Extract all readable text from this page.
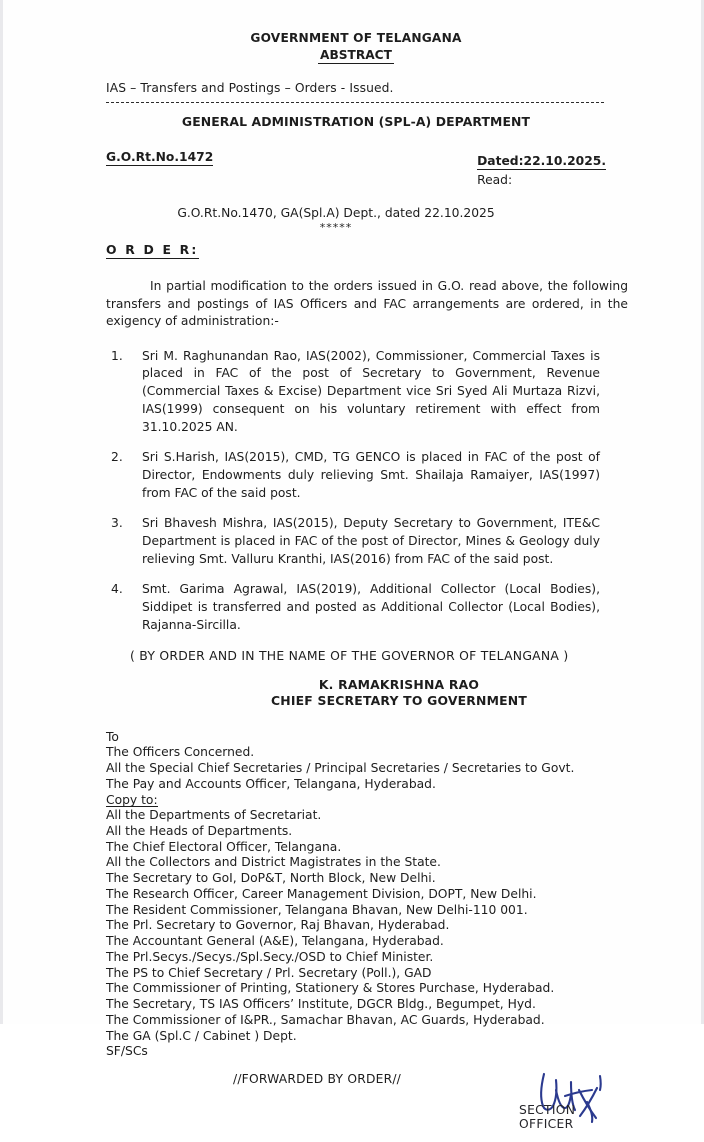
GOVERNMENT OF TELANGANA
ABSTRACT
IAS – Transfers and Postings – Orders - Issued.
GENERAL ADMINISTRATION (SPL-A) DEPARTMENT
G.O.Rt.No.1472	Dated:22.10.2025.
Read:
G.O.Rt.No.1470, GA(Spl.A) Dept., dated 22.10.2025
*****
O R D E R:
In partial modification to the orders issued in G.O. read above, the following transfers and postings of IAS Officers and FAC arrangements are ordered, in the exigency of administration:-
1.	Sri M. Raghunandan Rao, IAS(2002), Commissioner, Commercial Taxes is placed in FAC of the post of Secretary to Government, Revenue (Commercial Taxes & Excise) Department vice Sri Syed Ali Murtaza Rizvi, IAS(1999) consequent on his voluntary retirement with effect from 31.10.2025 AN.
2.	Sri S.Harish, IAS(2015), CMD, TG GENCO is placed in FAC of the post of Director, Endowments duly relieving Smt. Shailaja Ramaiyer, IAS(1997) from FAC of the said post.
3.	Sri Bhavesh Mishra, IAS(2015), Deputy Secretary to Government, ITE&C Department is placed in FAC of the post of Director, Mines & Geology duly relieving Smt. Valluru Kranthi, IAS(2016) from FAC of the said post.
4.	Smt. Garima Agrawal, IAS(2019), Additional Collector (Local Bodies), Siddipet is transferred and posted as Additional Collector (Local Bodies), Rajanna-Sircilla.
( BY ORDER AND IN THE NAME OF THE GOVERNOR OF TELANGANA )
K. RAMAKRISHNA RAO
CHIEF SECRETARY TO GOVERNMENT
To
The Officers Concerned.
All the Special Chief Secretaries / Principal Secretaries / Secretaries to Govt.
The Pay and Accounts Officer, Telangana, Hyderabad.
Copy to:
All the Departments of Secretariat.
All the Heads of Departments.
The Chief Electoral Officer, Telangana.
All the Collectors and District Magistrates in the State.
The Secretary to GoI, DoP&T, North Block, New Delhi.
The Research Officer, Career Management Division, DOPT, New Delhi.
The Resident Commissioner, Telangana Bhavan, New Delhi-110 001.
The Prl. Secretary to Governor, Raj Bhavan, Hyderabad.
The Accountant General (A&E), Telangana, Hyderabad.
The Prl.Secys./Secys./Spl.Secy./OSD to Chief Minister.
The PS to Chief Secretary / Prl. Secretary (Poll.), GAD
The Commissioner of Printing, Stationery & Stores Purchase, Hyderabad.
The Secretary, TS IAS Officers’ Institute, DGCR Bldg., Begumpet, Hyd.
The Commissioner of I&PR., Samachar Bhavan, AC Guards, Hyderabad.
The GA (Spl.C / Cabinet ) Dept.
SF/SCs
//FORWARDED BY ORDER//
SECTION OFFICER
